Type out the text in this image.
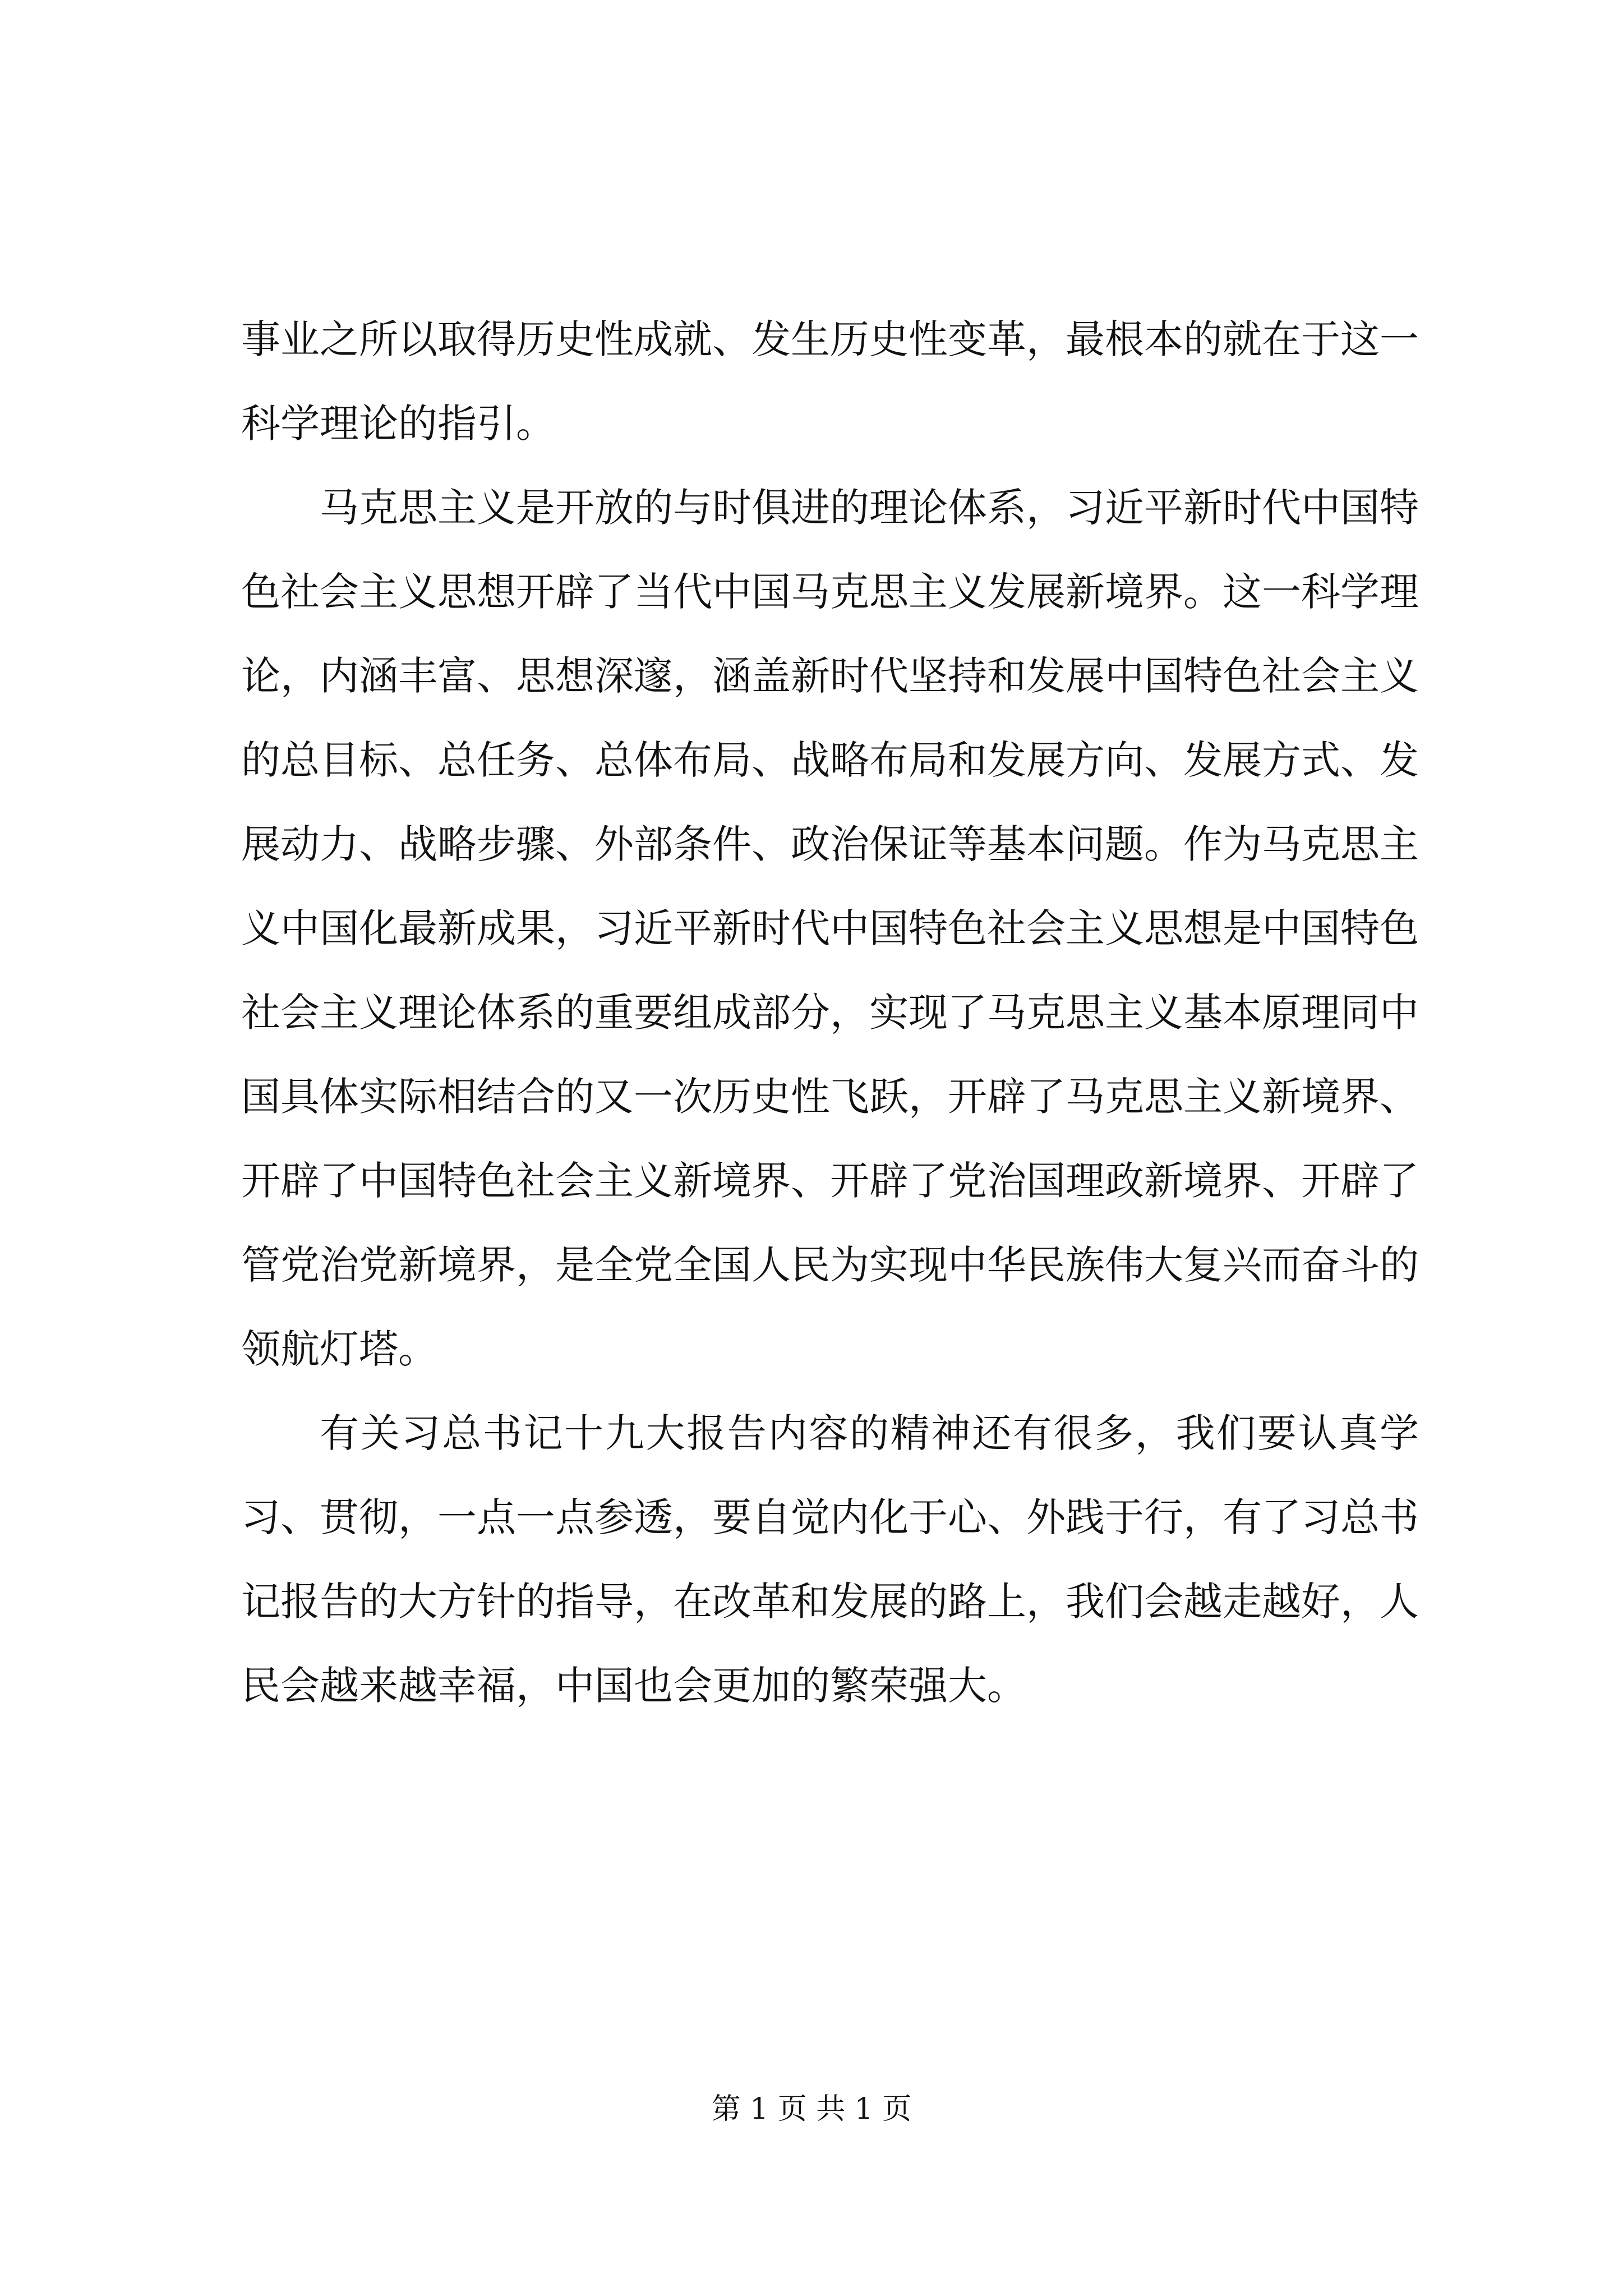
事业之所以取得历史性成就、发生历史性变革，最根本的就在于这一科学理论的指引。

马克思主义是开放的与时俱进的理论体系，习近平新时代中国特色社会主义思想开辟了当代中国马克思主义发展新境界。这一科学理论，内涵丰富、思想深邃，涵盖新时代坚持和发展中国特色社会主义的总目标、总任务、总体布局、战略布局和发展方向、发展方式、发展动力、战略步骤、外部条件、政治保证等基本问题。作为马克思主义中国化最新成果，习近平新时代中国特色社会主义思想是中国特色社会主义理论体系的重要组成部分，实现了马克思主义基本原理同中国具体实际相结合的又一次历史性飞跃，开辟了马克思主义新境界、开辟了中国特色社会主义新境界、开辟了党治国理政新境界、开辟了管党治党新境界，是全党全国人民为实现中华民族伟大复兴而奋斗的领航灯塔。

有关习总书记十九大报告内容的精神还有很多，我们要认真学习、贯彻，一点一点参透，要自觉内化于心、外践于行，有了习总书记报告的大方针的指导，在改革和发展的路上，我们会越走越好，人民会越来越幸福，中国也会更加的繁荣强大。

第 1 页 共 1 页
